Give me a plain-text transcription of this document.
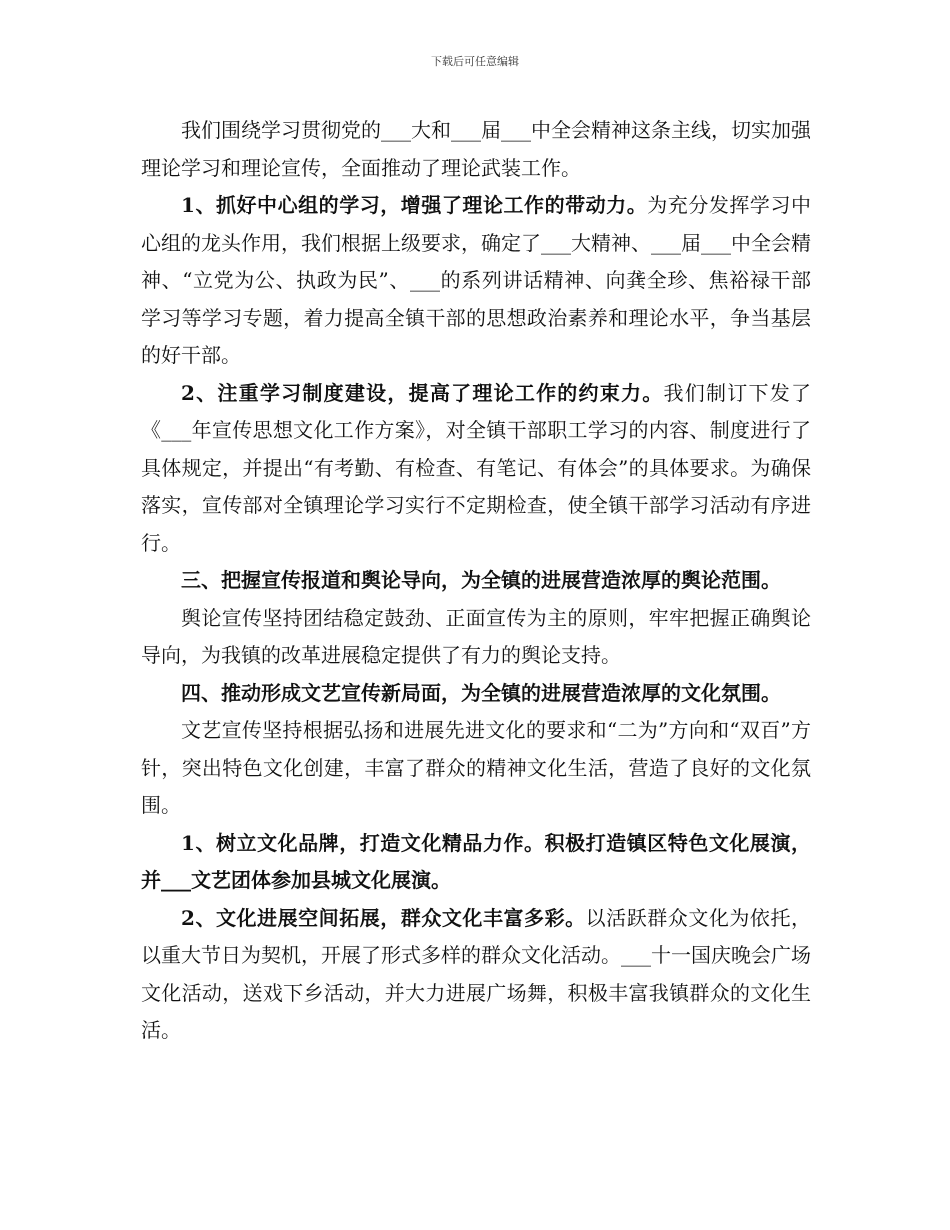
下载后可任意编辑

我们围绕学习贯彻党的___大和___届___中全会精神这条主线，切实加强理论学习和理论宣传，全面推动了理论武装工作。

1、抓好中心组的学习，增强了理论工作的带动力。为充分发挥学习中心组的龙头作用，我们根据上级要求，确定了___大精神、___届___中全会精神、“立党为公、执政为民”、___的系列讲话精神、向龚全珍、焦裕禄干部学习等学习专题，着力提高全镇干部的思想政治素养和理论水平，争当基层的好干部。

2、注重学习制度建设，提高了理论工作的约束力。我们制订下发了《___年宣传思想文化工作方案》，对全镇干部职工学习的内容、制度进行了具体规定，并提出“有考勤、有检查、有笔记、有体会”的具体要求。为确保落实，宣传部对全镇理论学习实行不定期检查，使全镇干部学习活动有序进行。

三、把握宣传报道和舆论导向，为全镇的进展营造浓厚的舆论范围。

舆论宣传坚持团结稳定鼓劲、正面宣传为主的原则，牢牢把握正确舆论导向，为我镇的改革进展稳定提供了有力的舆论支持。

四、推动形成文艺宣传新局面，为全镇的进展营造浓厚的文化氛围。

文艺宣传坚持根据弘扬和进展先进文化的要求和“二为”方向和“双百”方针，突出特色文化创建，丰富了群众的精神文化生活，营造了良好的文化氛围。

1、树立文化品牌，打造文化精品力作。积极打造镇区特色文化展演，并___文艺团体参加县城文化展演。

2、文化进展空间拓展，群众文化丰富多彩。以活跃群众文化为依托，以重大节日为契机，开展了形式多样的群众文化活动。___十一国庆晚会广场文化活动，送戏下乡活动，并大力进展广场舞，积极丰富我镇群众的文化生活。
